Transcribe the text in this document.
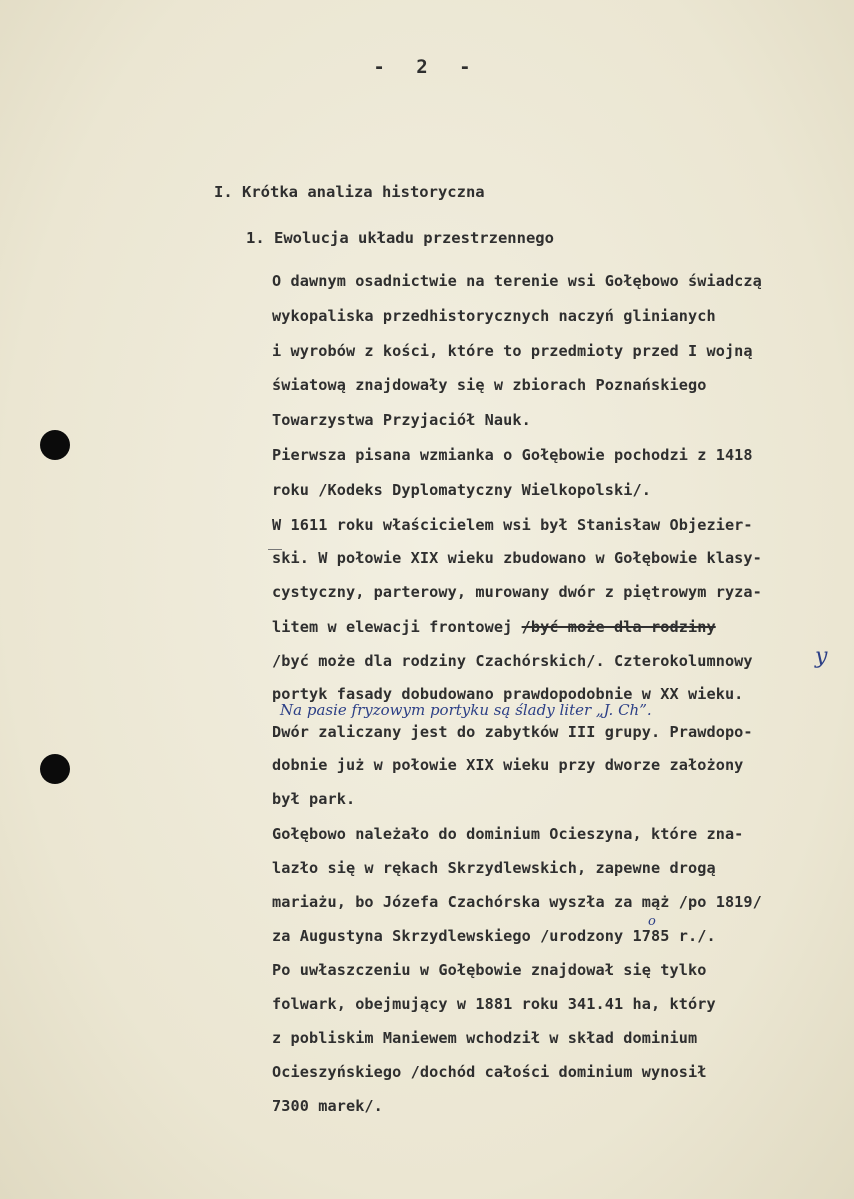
- 2 -
I. Krótka analiza historyczna
1. Ewolucja układu przestrzennego
O dawnym osadnictwie na terenie wsi Gołębowo świadczą
wykopaliska przedhistorycznych naczyń glinianych
i wyrobów z kości, które to przedmioty przed I wojną
światową znajdowały się w zbiorach Poznańskiego
Towarzystwa Przyjaciół Nauk.
Pierwsza pisana wzmianka o Gołębowie pochodzi z 1418
roku /Kodeks Dyplomatyczny Wielkopolski/.
W 1611 roku właścicielem wsi był Stanisław Objezier-
ski. W połowie XIX wieku zbudowano w Gołębowie klasy-
cystyczny, parterowy, murowany dwór z piętrowym ryza-
litem w elewacji frontowej /być może dla rodziny
/być może dla rodziny Czachórskich/. Czterokolumnowy	y
portyk fasady dobudowano prawdopodobnie w XX wieku.
Na pasie fryzowym portyku są ślady liter „J. Ch”.
Dwór zaliczany jest do zabytków III grupy. Prawdopo-
dobnie już w połowie XIX wieku przy dworze założony
był park.
Gołębowo należało do dominium Ocieszyna, które zna-
lazło się w rękach Skrzydlewskich, zapewne drogą
mariażu, bo Józefa Czachórska wyszła za mąż /po 1819/
za Augustyna Skrzydlewskiego /urodzony 1785 r./.
o
Po uwłaszczeniu w Gołębowie znajdował się tylko
folwark, obejmujący w 1881 roku 341.41 ha, który
z pobliskim Maniewem wchodził w skład dominium
Ocieszyńskiego /dochód całości dominium wynosił
7300 marek/.
